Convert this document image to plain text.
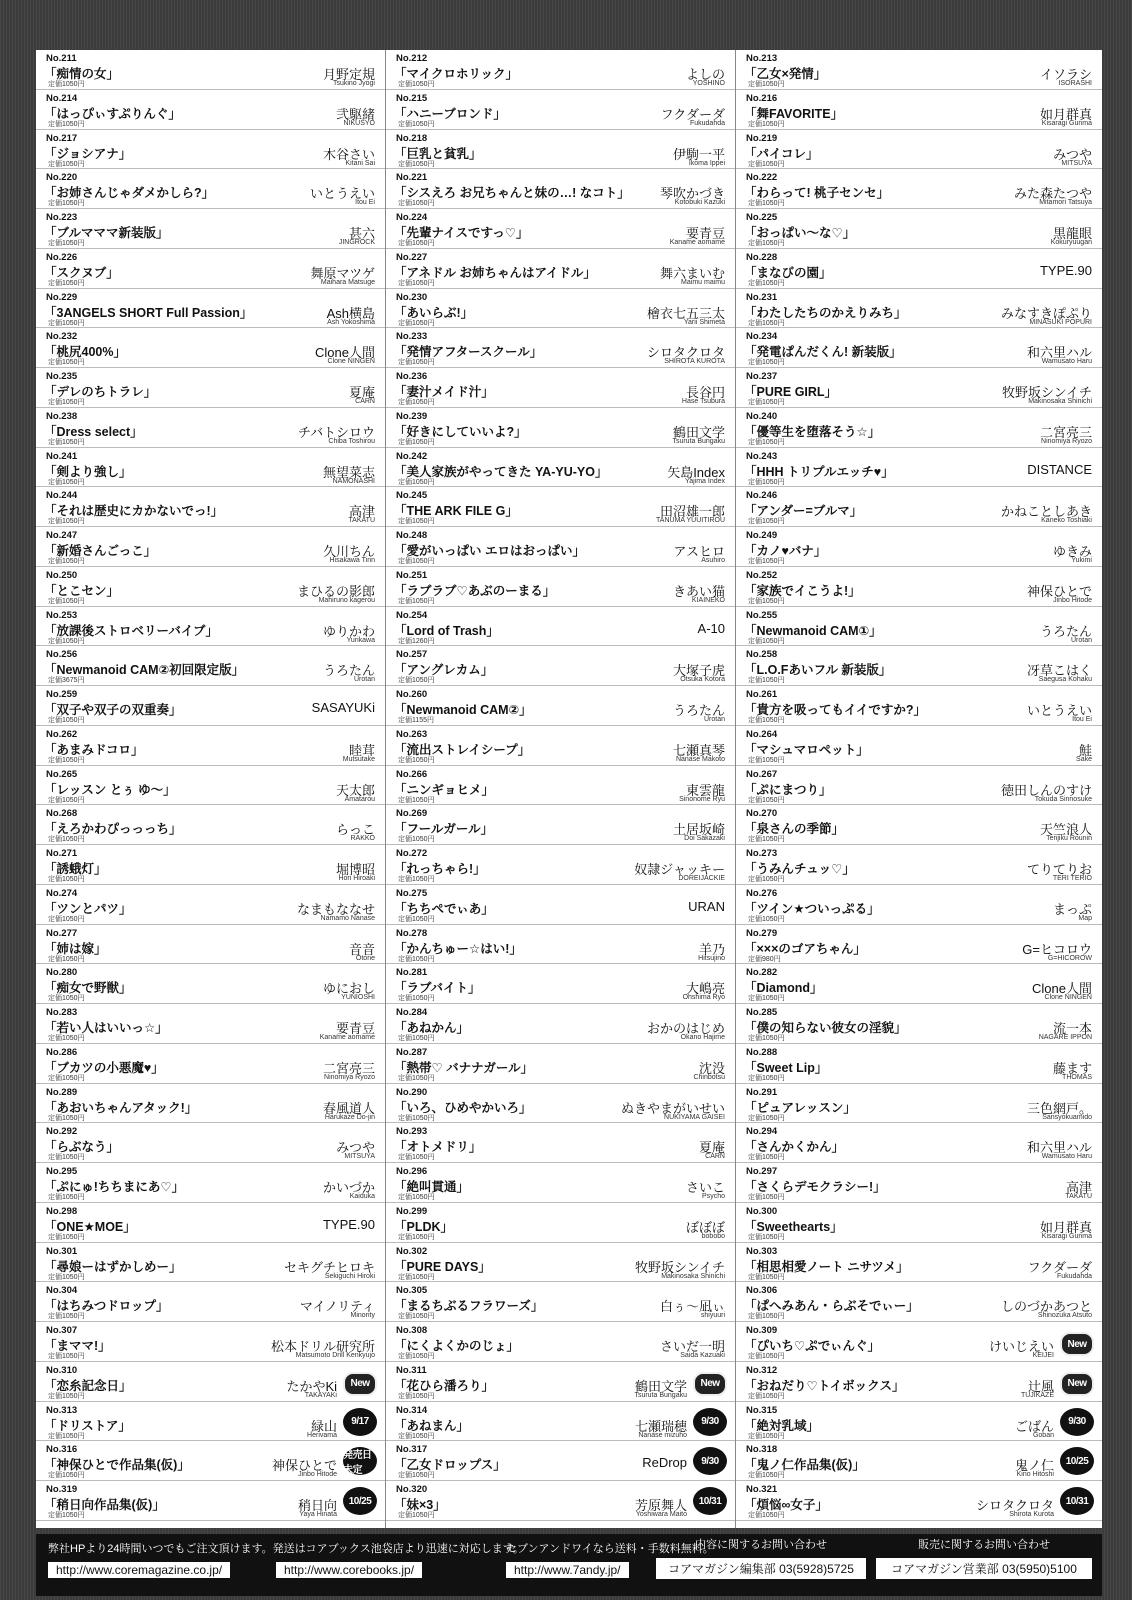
No.211
「痴情の女」
定価1050円
月野定規
Tsukino Jyogi
No.214
「はっぴぃすぷりんぐ」
定価1050円
弐駆緒
NIKUSYO
No.217
「ジョシアナ」
定価1050円
木谷さい
Kitani Sai
No.220
「お姉さんじゃダメかしら?」
定価1050円
いとうえい
Itou Ei
No.223
「ブルマママ新装版」
定価1050円
甚六
JINGROCK
No.226
「スクヌブ」
定価1050円
舞原マツゲ
Maihara Matsuge
No.229
「3ANGELS SHORT Full Passion」
定価1050円
Ash横島
Ash Yokoshima
No.232
「桃尻400%」
定価1050円
Clone人間
Clone NINGEN
No.235
「デレのちトラレ」
定価1050円
夏庵
CARN
No.238
「Dress select」
定価1050円
チバトシロウ
Chiba Toshirou
No.241
「剣より強し」
定価1050円
無望菜志
NAMONASHI
No.244
「それは歴史にカかないでっ!」
定価1050円
高津
TAKATU
No.247
「新婚さんごっこ」
定価1050円
久川ちん
Hisakawa Tinn
No.250
「とこセン」
定価1050円
まひるの影郎
Mahiruno kagerou
No.253
「放課後ストロベリーバイブ」
定価1050円
ゆりかわ
Yurikawa
No.256
「Newmanoid CAM②初回限定版」
定価3675円
うろたん
Urotan
No.259
「双子や双子の双重奏」
定価1050円
SASAYUKi
No.262
「あまみドコロ」
定価1050円
睦茸
Mutsutake
No.265
「レッスン とぅ ゆ〜」
定価1050円
天太郎
Amatarou
No.268
「えろかわぴっっっち」
定価1050円
らっこ
RAKKO
No.271
「誘蛾灯」
定価1050円
堀博昭
Hori Hiroaki
No.274
「ツンとパツ」
定価1050円
なまもななせ
Namamo Nanase
No.277
「姉は嫁」
定価1050円
音音
Otone
No.280
「痴女で野獣」
定価1050円
ゆにおし
YUNIOSHI
No.283
「若い人はいいっ☆」
定価1050円
要青豆
Kaname aomame
No.286
「ブカツの小悪魔♥」
定価1050円
二宮亮三
Ninomiya Ryozo
No.289
「あおいちゃんアタック!」
定価1050円
春風道人
Harukaze Do-jin
No.292
「らぶなう」
定価1050円
みつや
MITSUYA
No.295
「ぷにゅ!ちちまにあ♡」
定価1050円
かいづか
Kaiduka
No.298
「ONE★MOE」
定価1050円
TYPE.90
No.301
「尋娘ーはずかしめー」
定価1050円
セキグチヒロキ
Sekiguchi Hiroki
No.304
「はちみつドロップ」
定価1050円
マイノリティ
Minority
No.307
「まママ!」
定価1050円
松本ドリル研究所
Matsumoto Drill Kenkyujo
No.310
「恋糸記念日」
定価1050円
たかやKi
TAKAYAKi
New
No.313
「ドリストア」
定価1050円
緑山
Herivama
9/17
No.316
「神保ひとで作品集(仮)」
定価1050円
神保ひとで
Jinbo Hitode
発売日未定
No.319
「稍日向作品集(仮)」
定価1050円
稍日向
Yaya Hinata
10/25
No.212
「マイクロホリック」
定価1050円
よしの
YOSHINO
No.215
「ハニーブロンド」
定価1050円
フクダーダ
Fukudahda
No.218
「巨乳と貧乳」
定価1050円
伊駒一平
Ikoma Ippei
No.221
「シスえろ お兄ちゃんと妹の…! なコト」
定価1050円
琴吹かづき
Kotobuki Kazuki
No.224
「先輩ナイスですっ♡」
定価1050円
要青豆
Kaname aomame
No.227
「アネドル お姉ちゃんはアイドル」
定価1050円
舞六まいむ
Maimu maimu
No.230
「あいらぶ!」
定価1050円
檜衣七五三太
Yarii Shimeta
No.233
「発情アフタースクール」
定価1050円
シロタクロタ
SHIROTA KUROTA
No.236
「妻汁メイド汁」
定価1050円
長谷円
Hase Tsubura
No.239
「好きにしていいよ?」
定価1050円
鶴田文学
Tsuruta Bungaku
No.242
「美人家族がやってきた YA-YU-YO」
定価1050円
矢島Index
Yajima Index
No.245
「THE ARK FILE G」
定価1050円
田沼雄一郎
TANUMA YUUITIROU
No.248
「愛がいっぱい エロはおっぱい」
定価1050円
アスヒロ
Asuhiro
No.251
「ラブラブ♡あぶのーまる」
定価1050円
きあい猫
KIAINEKO
No.254
「Lord of Trash」
定価1260円
A-10
No.257
「アングレカム」
定価1050円
大塚子虎
Otsuka Kotora
No.260
「Newmanoid CAM②」
定価1155円
うろたん
Urotan
No.263
「流出ストレイシープ」
定価1050円
七瀬真琴
Nanase Makoto
No.266
「ニンギョヒメ」
定価1050円
東雲龍
Sinonome Ryu
No.269
「フールガール」
定価1050円
土居坂崎
Doi Sakazaki
No.272
「れっちゃら!」
定価1050円
奴隷ジャッキー
DOREIJACKIE
No.275
「ちちぺでぃあ」
定価1050円
URAN
No.278
「かんちゅー☆はい!」
定価1050円
羊乃
Hitsujino
No.281
「ラブバイト」
定価1050円
大嶋亮
Ohshima Ryo
No.284
「あねかん」
定価1050円
おかのはじめ
Okano Hajime
No.287
「熱帯♡ バナナガール」
定価1050円
沈没
Chinbotsu
No.290
「いろ、ひめやかいろ」
定価1050円
ぬきやまがいせい
NUKIYAMA GAISEI
No.293
「オトメドリ」
定価1050円
夏庵
CARN
No.296
「絶叫貫通」
定価1050円
さいこ
Psycho
No.299
「PLDK」
定価1050円
ぼぼぼ
bobobo
No.302
「PURE DAYS」
定価1050円
牧野坂シンイチ
Makinosaka Shinichi
No.305
「まるちぶるフラワーズ」
定価1050円
白ぅ〜凪ぃ
shiyuuri
No.308
「にくよくかのじょ」
定価1050円
さいだ一明
Saida Kazuaki
No.311
「花ひら潘ろり」
定価1050円
鶴田文学
Tsuruta Bungaku
New
No.314
「あねまん」
定価1050円
七瀬瑞穂
Nanase mizuho
9/30
No.317
「乙女ドロップス」
定価1050円
ReDrop	9/30
No.320
「妹×3」
定価1050円
芳原舞人
Yoshiwara Maito
10/31
No.213
「乙女×発情」
定価1050円
イソラシ
ISORASHI
No.216
「舞FAVORITE」
定価1050円
如月群真
Kisaragi Gunma
No.219
「パイコレ」
定価1050円
みつや
MITSUYA
No.222
「わらって! 桃子センセ」
定価1050円
みた森たつや
Mitamori Tatsuya
No.225
「おっぱい〜な♡」
定価1050円
黒龍眼
Kokuryuugan
No.228
「まなびの園」
定価1050円
TYPE.90
No.231
「わたしたちのかえりみち」
定価1050円
みなすきぽぷり
MINASUKI POPURI
No.234
「発電ぱんだくん! 新装版」
定価1050円
和六里ハル
Wamusato Haru
No.237
「PURE GIRL」
定価1050円
牧野坂シンイチ
Makinosaka Shinichi
No.240
「優等生を堕落そう☆」
定価1050円
二宮亮三
Ninomiya Ryozo
No.243
「HHH トリプルエッチ♥」
定価1050円
DISTANCE
No.246
「アンダー=ブルマ」
定価1050円
かねことしあき
Kaneko Toshiaki
No.249
「カノ♥バナ」
定価1050円
ゆきみ
Yukimi
No.252
「家族でイこうよ!」
定価1050円
神保ひとで
Jinbo Hitode
No.255
「Newmanoid CAM①」
定価1050円
うろたん
Urotan
No.258
「L.O.Fあいフル 新装版」
定価1050円
冴草こはく
Saegusa Kohaku
No.261
「貴方を吸ってもイイですか?」
定価1050円
いとうえい
Itou Ei
No.264
「マシュマロペット」
定価1050円
鮭
Sake
No.267
「ぷにまつり」
定価1050円
徳田しんのすけ
Tokuda Sinnosuke
No.270
「泉さんの季節」
定価1050円
天竺浪人
Tenjiku Rounin
No.273
「うみんチュッ♡」
定価1050円
てりてりお
TERI TERIO
No.276
「ツイン★ついっぷる」
定価1050円
まっぷ
Map
No.279
「×××のゴアちゃん」
定価980円
G=ヒコロウ
G=HICOROW
No.282
「Diamond」
定価1050円
Clone人間
Clone NINGEN
No.285
「僕の知らない彼女の淫貌」
定価1050円
流一本
NAGARE IPPON
No.288
「Sweet Lip」
定価1050円
藤ます
THOMAS
No.291
「ピュアレッスン」
定価1050円
三色網戸。
Sansyokuamido
No.294
「さんかくかん」
定価1050円
和六里ハル
Wamusato Haru
No.297
「さくらデモクラシー!」
定価1050円
高津
TAKATU
No.300
「Sweethearts」
定価1050円
如月群真
Kisaragi Gunma
No.303
「相思相愛ノート ニサツメ」
定価1050円
フクダーダ
Fukudahda
No.306
「ぱへみあん・らぶそでぃー」
定価1050円
しのづかあつと
Shinozuka Atsuto
No.309
「ぴいち♡ぷでぃんぐ」
定価1050円
けいじえい
KEIJEI
New
No.312
「おねだり♡トイボックス」
定価1050円
辻風
TUJIKAZE
New
No.315
「絶対乳域」
定価1050円
ごばん
Goban
9/30
No.318
「鬼ノ仁作品集(仮)」
定価1050円
鬼ノ仁
Kino Hitoshi
10/25
No.321
「煩悩∞女子」
定価1050円
シロタクロタ
Shirota Kurota
10/31
弊社HPより24時間いつでもご注文頂けます。発送はコアブックス池袋店より迅速に対応します。
セブンアンドワイなら送料・手数料無料。
http://www.coremagazine.co.jp/	http://www.corebooks.jp/	http://www.7andy.jp/
内容に関するお問い合わせ
コアマガジン編集部 03(5928)5725
販売に関するお問い合わせ
コアマガジン営業部 03(5950)5100
